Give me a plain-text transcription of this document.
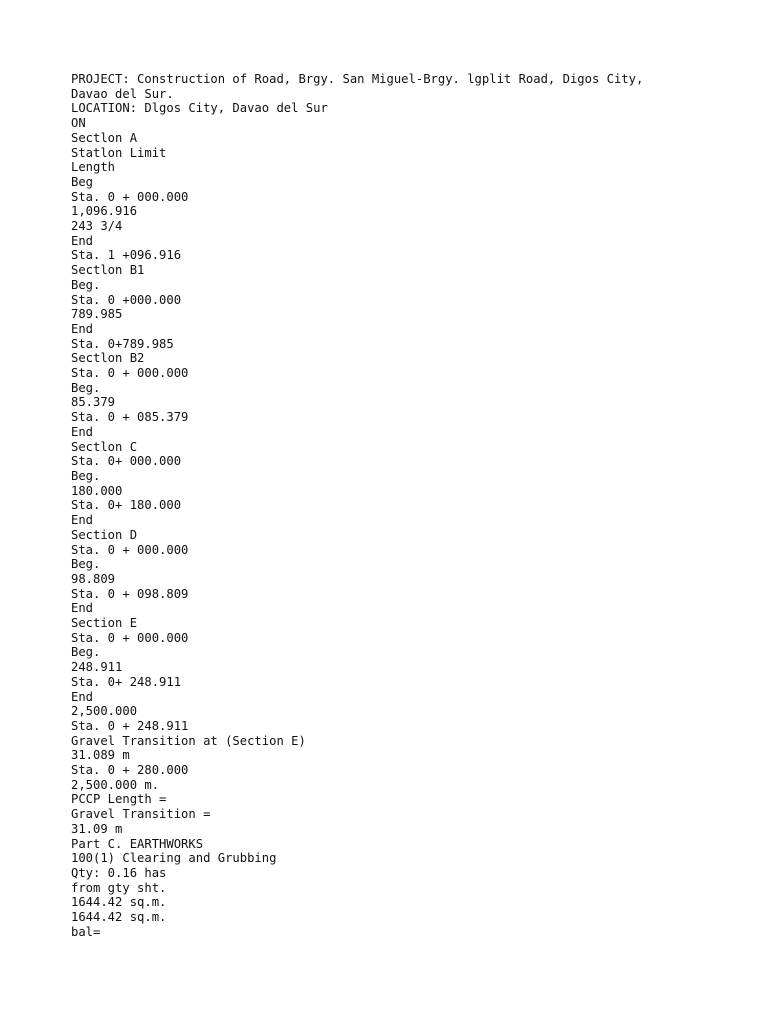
PROJECT: Construction of Road, Brgy. San Miguel-Brgy. lgplit Road, Digos City,
Davao del Sur.
LOCATION: Dlgos City, Davao del Sur
ON
Sectlon A
Statlon Limit
Length
Beg
Sta. 0 + 000.000
1,096.916
243 3/4
End
Sta. 1 +096.916
Sectlon B1
Beg.
Sta. 0 +000.000
789.985
End
Sta. 0+789.985
Sectlon B2
Sta. 0 + 000.000
Beg.
85.379
Sta. 0 + 085.379
End
Sectlon C
Sta. 0+ 000.000
Beg.
180.000
Sta. 0+ 180.000
End
Section D
Sta. 0 + 000.000
Beg.
98.809
Sta. 0 + 098.809
End
Section E
Sta. 0 + 000.000
Beg.
248.911
Sta. 0+ 248.911
End
2,500.000
Sta. 0 + 248.911
Gravel Transition at (Section E)
31.089 m
Sta. 0 + 280.000
2,500.000 m.
PCCP Length =
Gravel Transition =
31.09 m
Part C. EARTHWORKS
100(1) Clearing and Grubbing
Qty: 0.16 has
from gty sht.
1644.42 sq.m.
1644.42 sq.m.
bal=
